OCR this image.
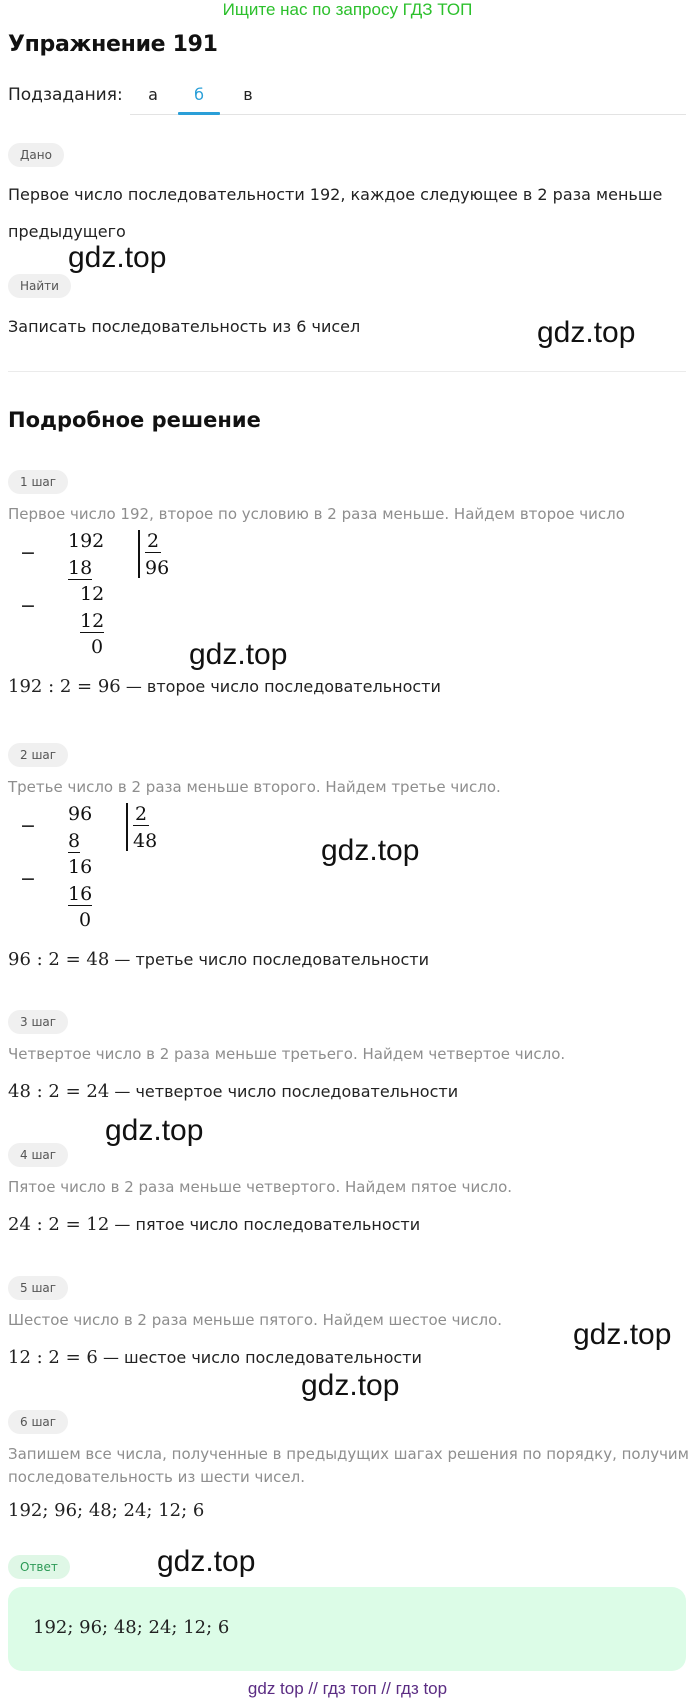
Ищите нас по запросу ГДЗ ТОП
Упражнение 191
Подзадания:	а	б	в
Дано
Первое число последовательности 192, каждое следующее в 2 раза меньше
предыдущего
Найти
Записать последовательность из 6 чисел
Подробное решение
1 шаг
Первое число 192, второе по условию в 2 раза меньше. Найдем второе число
−
192 2
96
18
−
12
12
0
192 : 2 = 96 — второе число последовательности
2 шаг
Третье число в 2 раза меньше второго. Найдем третье число.
−
96 2
48
8
−
16
16
0
96 : 2 = 48 — третье число последовательности
3 шаг
Четвертое число в 2 раза меньше третьего. Найдем четвертое число.
48 : 2 = 24 — четвертое число последовательности
4 шаг
Пятое число в 2 раза меньше четвертого. Найдем пятое число.
24 : 2 = 12 — пятое число последовательности
5 шаг
Шестое число в 2 раза меньше пятого. Найдем шестое число.
12 : 2 = 6 — шестое число последовательности
6 шаг
Запишем все числа, полученные в предыдущих шагах решения по порядку, получим
последовательность из шести чисел.
192; 96; 48; 24; 12; 6
Ответ
192; 96; 48; 24; 12; 6
gdz.top
gdz.top
gdz.top
gdz.top
gdz.top
gdz.top
gdz.top
gdz.top
gdz top // гдз топ // гдз top
